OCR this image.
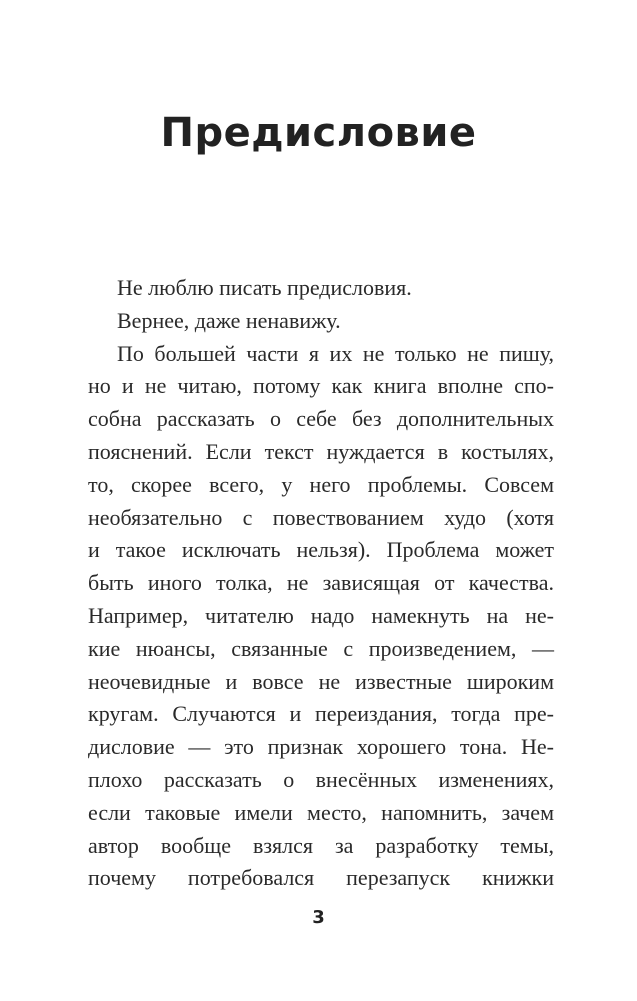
Предисловие
Не люблю писать предисловия.
Вернее, даже ненавижу.
По большей части я их не только не пишу,
но и не читаю, потому как книга вполне спо-
собна рассказать о себе без дополнительных
пояснений. Если текст нуждается в костылях,
то, скорее всего, у него проблемы. Совсем
необязательно с повествованием худо (хотя
и такое исключать нельзя). Проблема может
быть иного толка, не зависящая от качества.
Например, читателю надо намекнуть на не-
кие нюансы, связанные с произведением, —
неочевидные и вовсе не известные широким
кругам. Случаются и переиздания, тогда пре-
дисловие — это признак хорошего тона. Не-
плохо рассказать о внесённых изменениях,
если таковые имели место, напомнить, зачем
автор вообще взялся за разработку темы,
почему потребовался перезапуск книжки
3
